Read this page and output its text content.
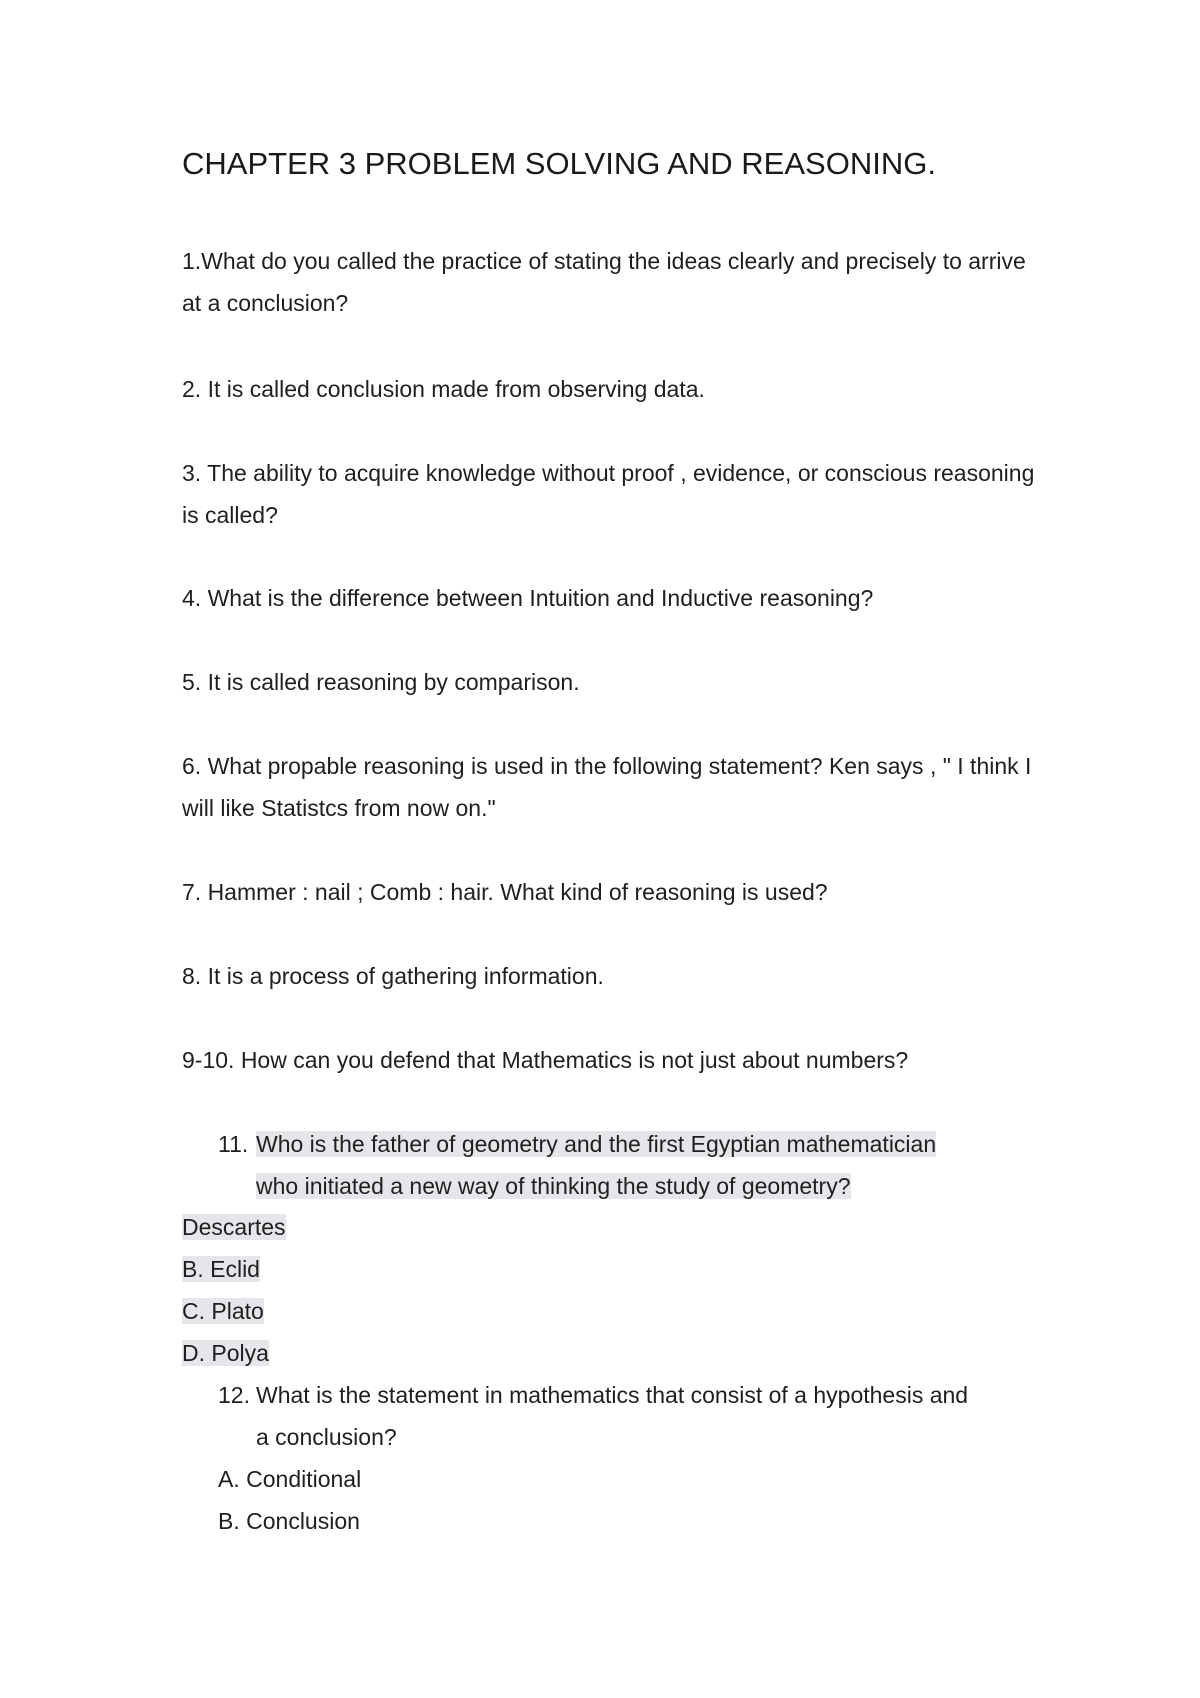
CHAPTER 3 PROBLEM SOLVING AND REASONING.
1.What do you called the practice of stating the ideas clearly and precisely to arrive at a conclusion?
2. It is called conclusion made from observing data.
3. The ability to acquire knowledge without proof , evidence, or conscious reasoning is called?
4. What is the difference between Intuition and Inductive reasoning?
5. It is called reasoning by comparison.
6. What propable reasoning is used in the following statement? Ken says , " I think I will like Statistcs from now on."
7. Hammer : nail ; Comb : hair. What kind of reasoning is used?
8. It is a process of gathering information.
9-10. How can you defend that Mathematics is not just about numbers?
11. Who is the father of geometry and the first Egyptian mathematician
who initiated a new way of thinking the study of geometry?
Descartes
B. Eclid
C. Plato
D. Polya
12. What is the statement in mathematics that consist of a hypothesis and
a conclusion?
A. Conditional
B. Conclusion
